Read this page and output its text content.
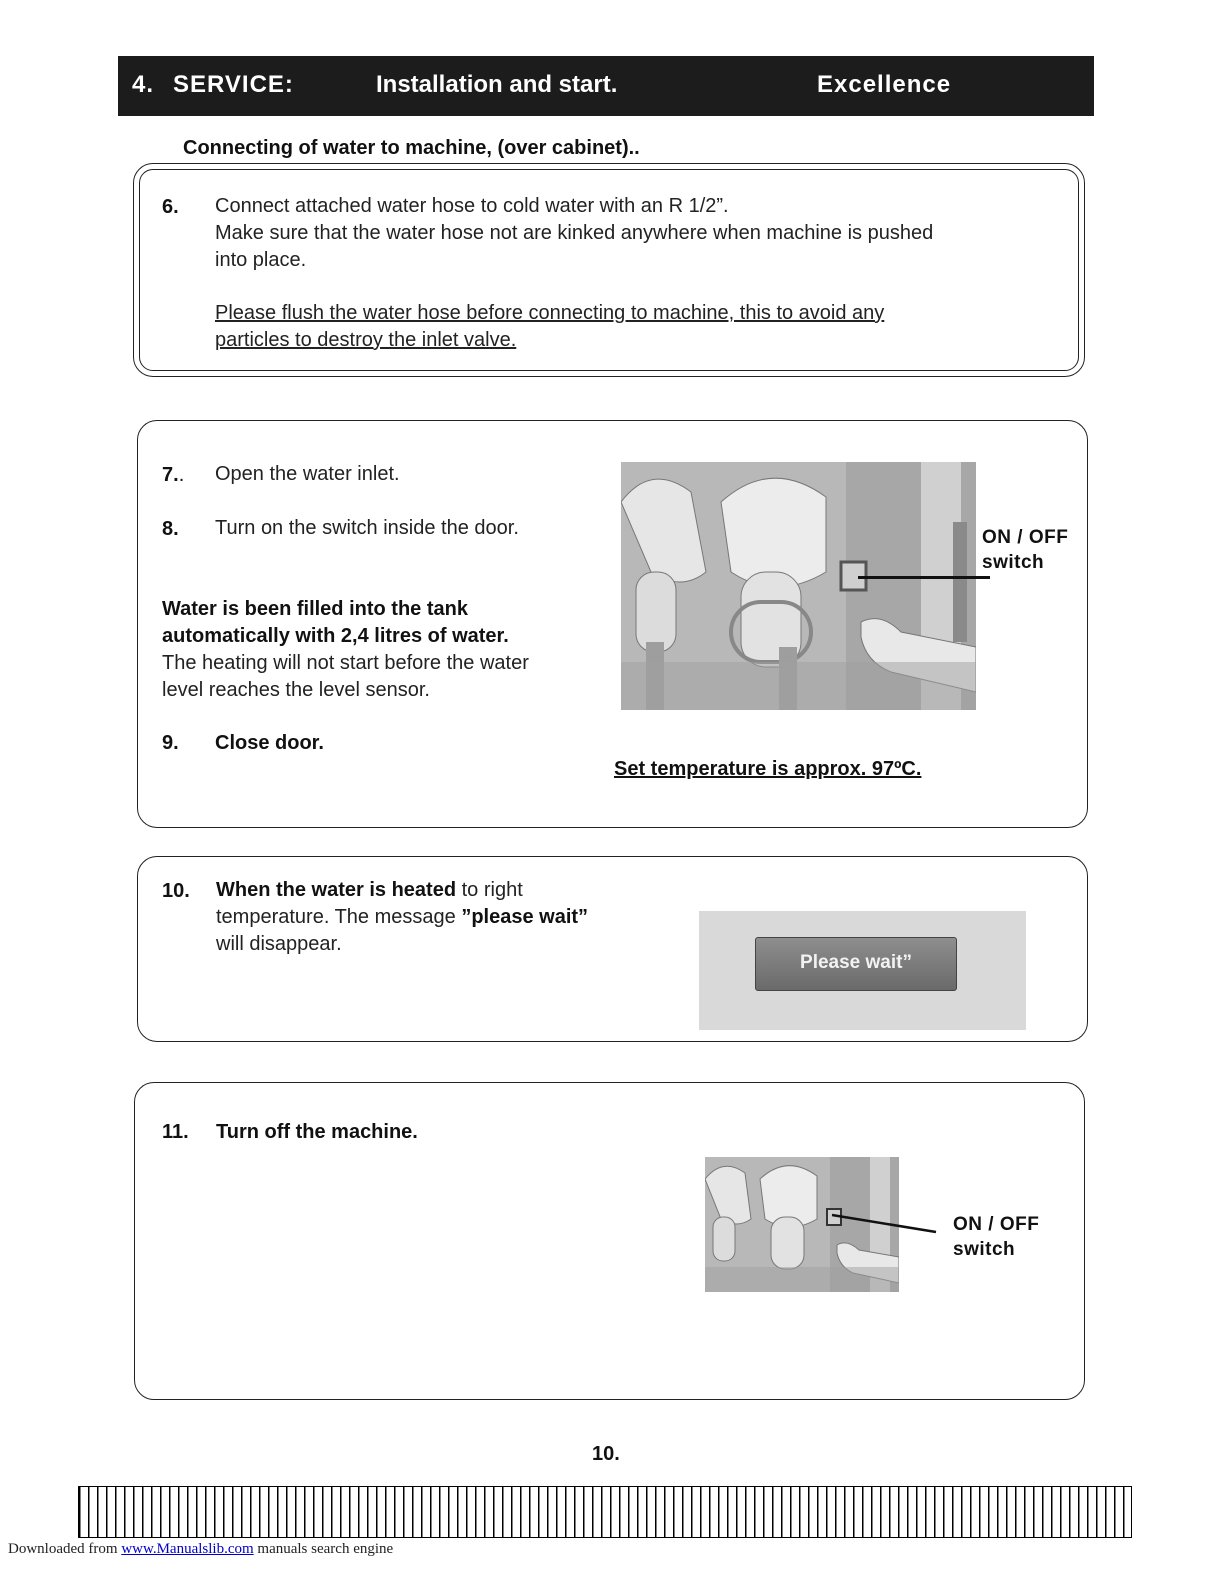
4. SERVICE:	Installation and start.	Excellence
Connecting of water to machine, (over cabinet)..
6. Connect attached water hose to cold water with an R 1/2”.
Make sure that the water hose not are kinked anywhere when machine is pushed
into place.
Please flush the water hose before connecting to machine, this to avoid any
particles to destroy the inlet valve.
7.. Open the water inlet.
8. Turn on the switch inside the door.
Water is been filled into the tank
automatically with 2,4 litres of water.
The heating will not start before the water
level reaches the level sensor.
9. Close door.
ON / OFF
switch
Set temperature is approx. 97ºC.
10. When the water is heated to right
temperature. The message ”please wait”
will disappear.
Please wait”
11. Turn off the machine.
ON / OFF
switch
10.
Downloaded from www.Manualslib.com manuals search engine
